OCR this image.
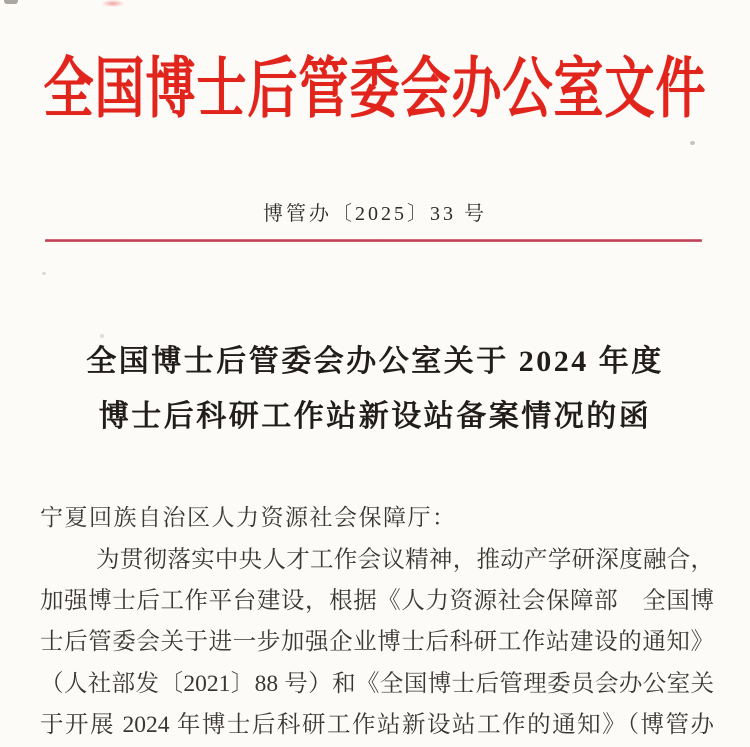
全国博士后管委会办公室文件
博管办〔2025〕33 号
全国博士后管委会办公室关于 2024 年度
博士后科研工作站新设站备案情况的函
宁夏回族自治区人力资源社会保障厅：
为贯彻落实中央人才工作会议精神，推动产学研深度融合，
加强博士后工作平台建设，根据《人力资源社会保障部　全国博
士后管委会关于进一步加强企业博士后科研工作站建设的通知》
（人社部发〔2021〕88 号）和《全国博士后管理委员会办公室关
于开展 2024 年博士后科研工作站新设站工作的通知》（博管办
